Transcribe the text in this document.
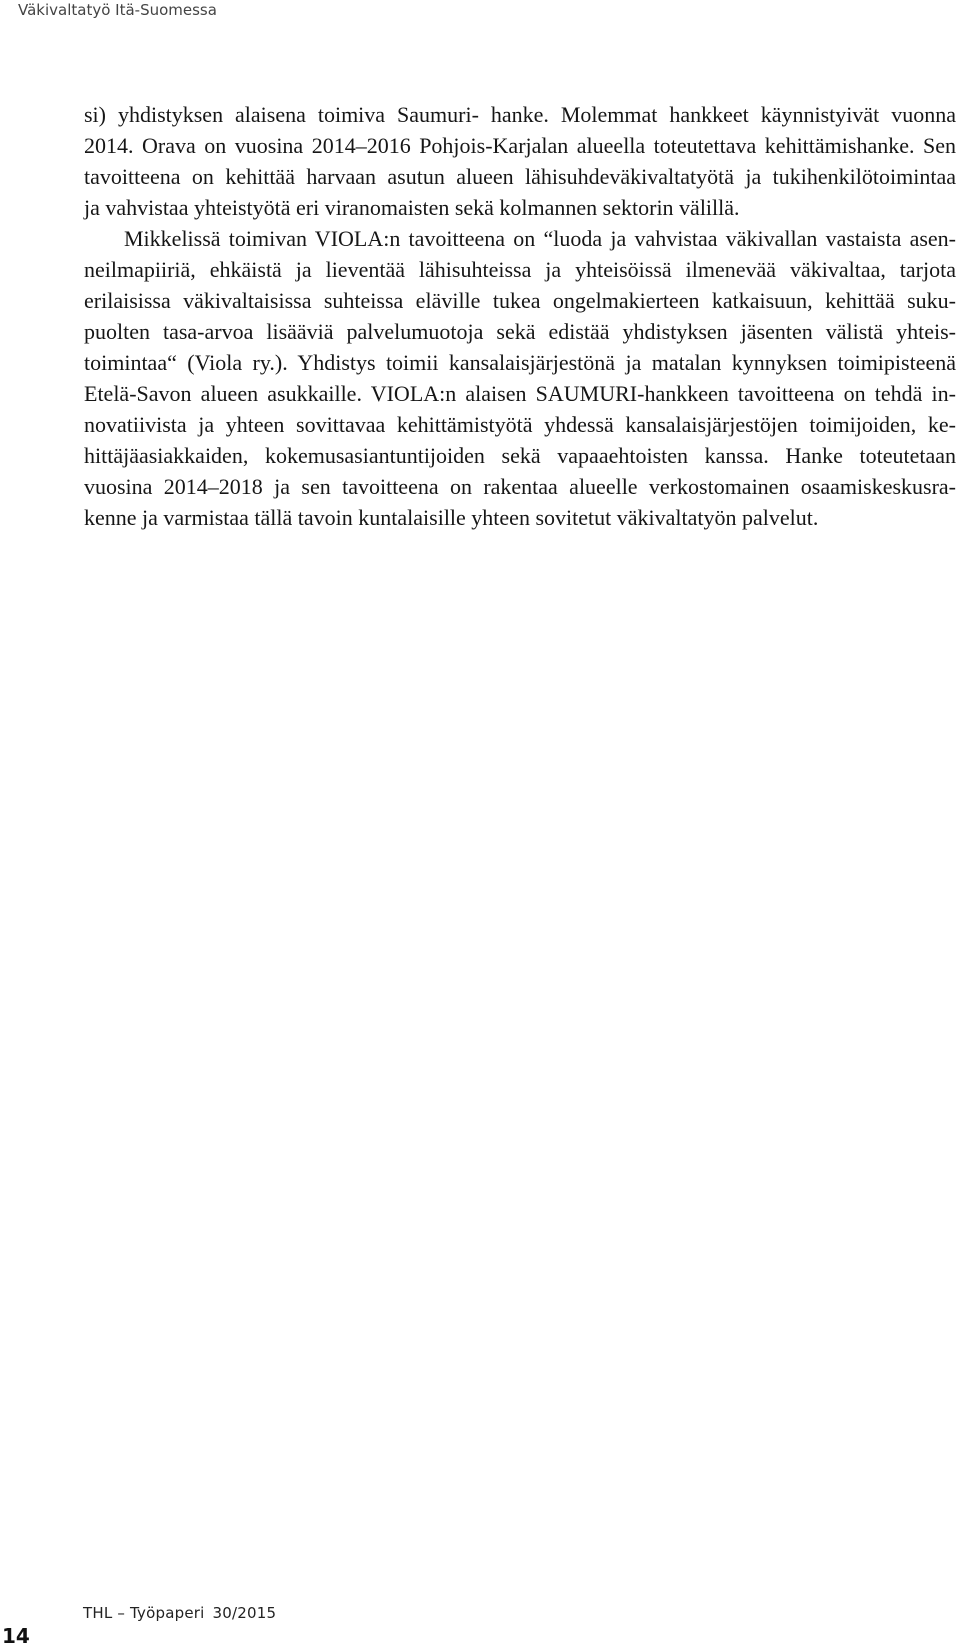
Väkivaltatyö Itä-Suomessa

si) yhdistyksen alaisena toimiva Saumuri- hanke. Molemmat hankkeet käynnistyivät vuonna
2014. Orava on vuosina 2014–2016 Pohjois-Karjalan alueella toteutettava kehittämishanke. Sen
tavoitteena on kehittää harvaan asutun alueen lähisuhdeväkivaltatyötä ja tukihenkilötoimintaa
ja vahvistaa yhteistyötä eri viranomaisten sekä kolmannen sektorin välillä.

Mikkelissä toimivan VIOLA:n tavoitteena on “luoda ja vahvistaa väkivallan vastaista asen-
neilmapiiriä, ehkäistä ja lieventää lähisuhteissa ja yhteisöissä ilmenevää väkivaltaa, tarjota
erilaisissa väkivaltaisissa suhteissa eläville tukea ongelmakierteen katkaisuun, kehittää suku-
puolten tasa-arvoa lisääviä palvelumuotoja sekä edistää yhdistyksen jäsenten välistä yhteis-
toimintaa“ (Viola ry.). Yhdistys toimii kansalaisjärjestönä ja matalan kynnyksen toimipisteenä
Etelä-Savon alueen asukkaille. VIOLA:n alaisen SAUMURI-hankkeen tavoitteena on tehdä in-
novatiivista ja yhteen sovittavaa kehittämistyötä yhdessä kansalaisjärjestöjen toimijoiden, ke-
hittäjäasiakkaiden, kokemusasiantuntijoiden sekä vapaaehtoisten kanssa. Hanke toteutetaan
vuosina 2014–2018 ja sen tavoitteena on rakentaa alueelle verkostomainen osaamiskeskusra-
kenne ja varmistaa tällä tavoin kuntalaisille yhteen sovitetut väkivaltatyön palvelut.

THL – Työpaperi 30/2015
14
